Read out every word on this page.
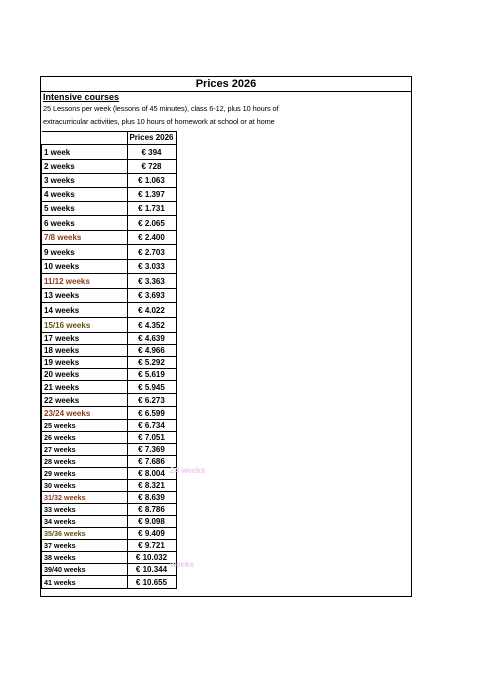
Prices 2026
Intensive courses
25 Lessons per week (lessons of 45 minutes), class 6-12, plus 10 hours of extracurricular activities, plus 10 hours of homework at school or at home
	Prices 2026
1 week	€ 394
2 weeks	€ 728
3 weeks	€ 1.063
4 weeks	€ 1.397
5 weeks	€ 1.731
6 weeks	€ 2.065
7/8 weeks	€ 2.400
9 weeks	€ 2.703
10 weeks	€ 3.033
11/12 weeks	€ 3.363
13 weeks	€ 3.693
14 weeks	€ 4.022
15/16 weeks	€ 4.352
17 weeks	€ 4.639
18 weeks	€ 4.966
19 weeks	€ 5.292
20 weeks	€ 5.619
21 weeks	€ 5.945
22 weeks	€ 6.273
23/24 weeks	€ 6.599
25 weeks	€ 6.734
26 weeks	€ 7.051
27 weeks	€ 7.369
28 weeks	€ 7.686
29 weeks	€ 8.004
30 weeks	€ 8.321
31/32 weeks	€ 8.639
33 weeks	€ 8.786
34 weeks	€ 9.098
35/36 weeks	€ 9.409
37 weeks	€ 9.721
38 weeks	€ 10.032
39/40 weeks	€ 10.344
41 weeks	€ 10.655
24 weeks
weeks
